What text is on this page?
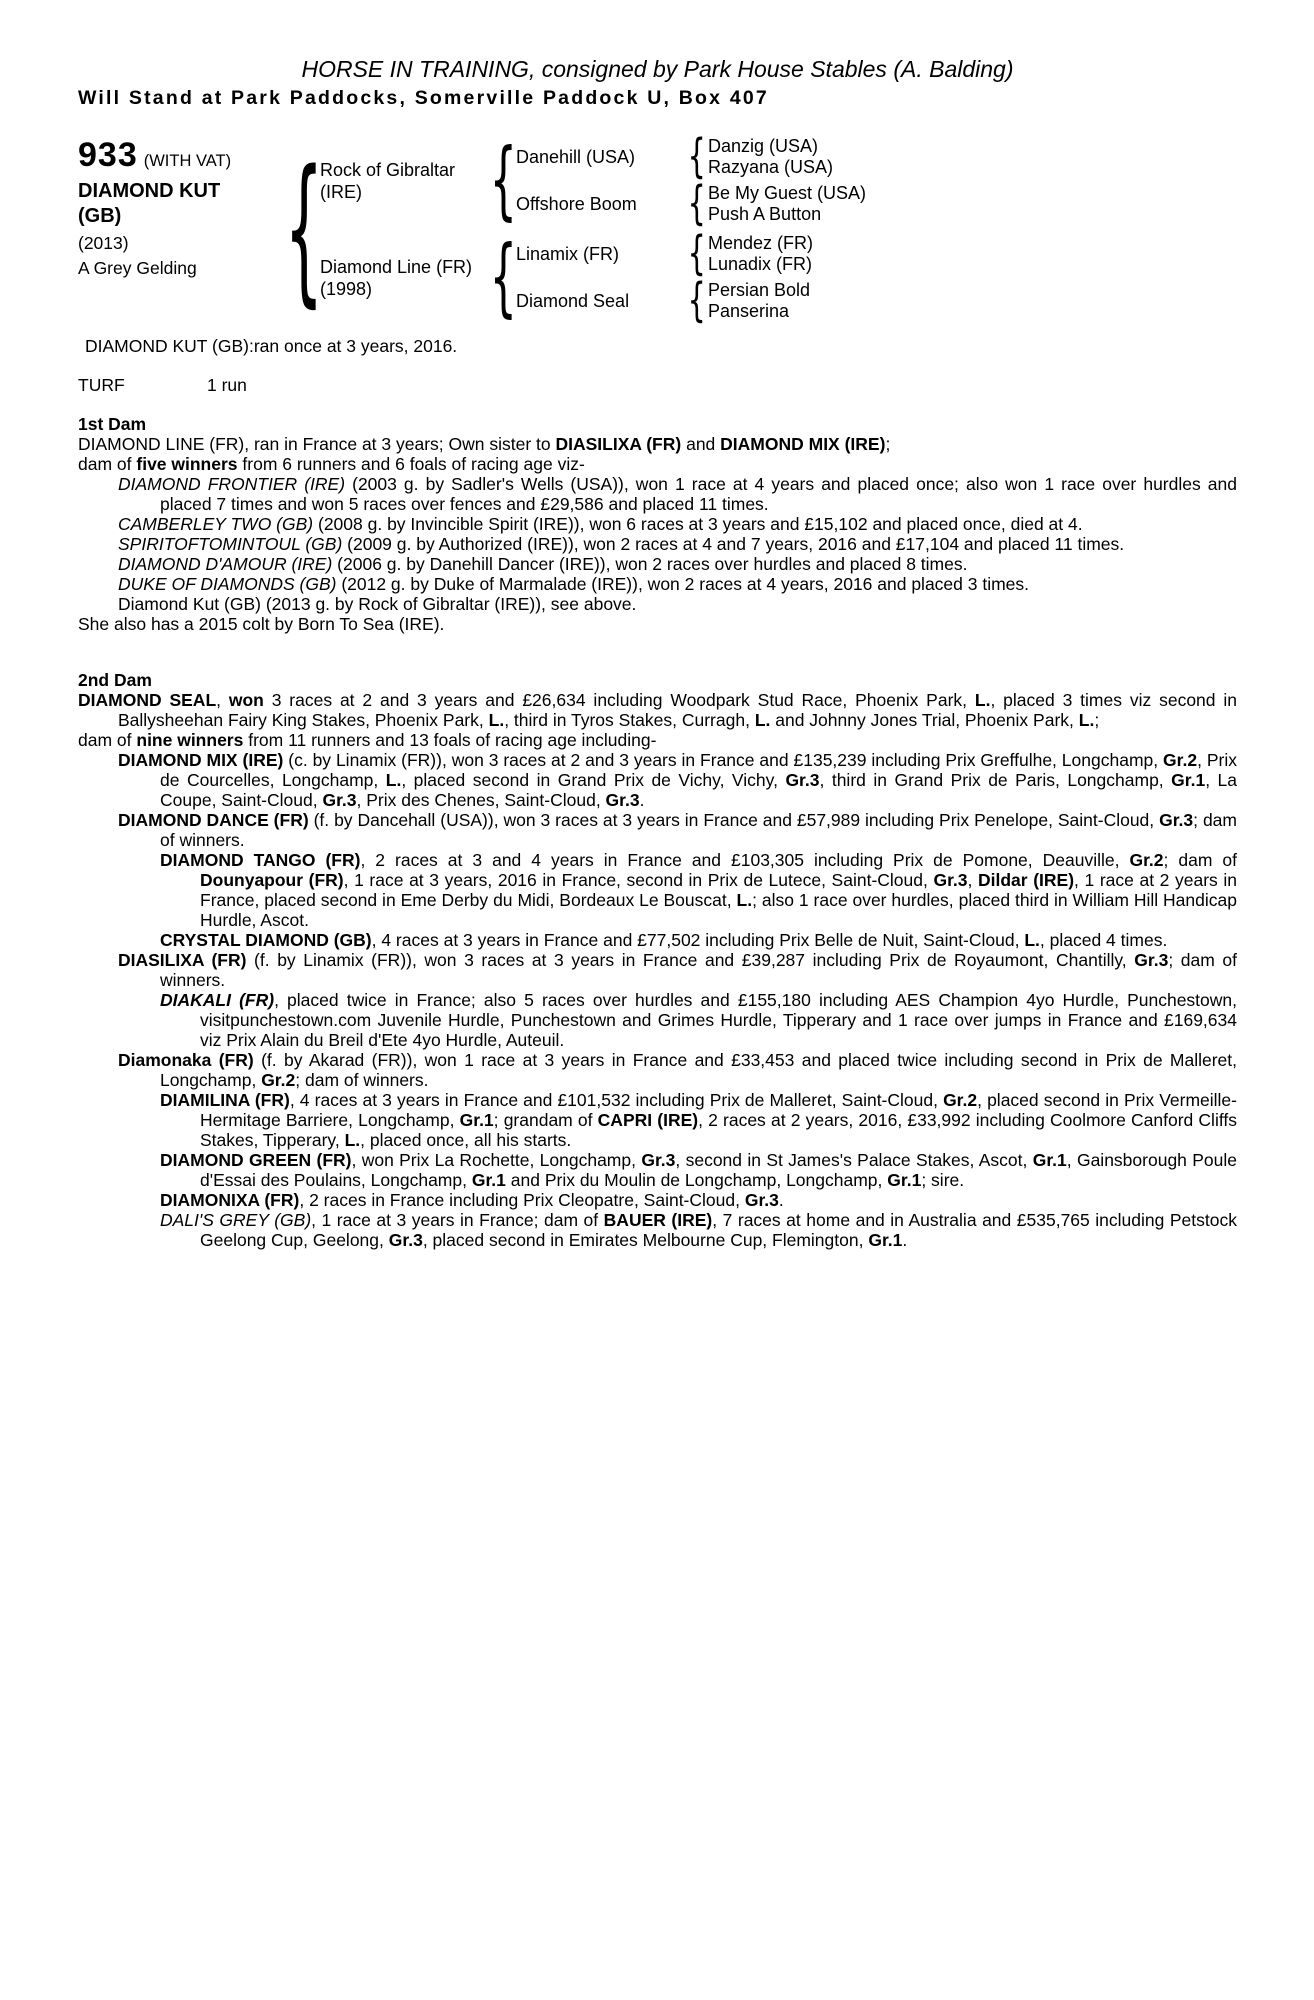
HORSE IN TRAINING, consigned by Park House Stables (A. Balding)
Will Stand at Park Paddocks, Somerville Paddock U, Box 407
933 (WITH VAT)
DIAMOND KUT
(GB)
(2013)
A Grey Gelding {
Rock of Gibraltar
(IRE)	{ Danehill (USA)	{ Danzig (USA)
Razyana (USA)
Offshore Boom	{ Be My Guest (USA)
Push A Button
Diamond Line (FR)
(1998)	{ Linamix (FR)	{ Mendez (FR)
Lunadix (FR)
Diamond Seal	{ Persian Bold
Panserina
DIAMOND KUT (GB):ran once at 3 years, 2016.
TURF	1 run
1st Dam

DIAMOND LINE (FR), ran in France at 3 years; Own sister to DIASILIXA (FR) and DIAMOND MIX (IRE);

dam of five winners from 6 runners and 6 foals of racing age viz-

DIAMOND FRONTIER (IRE) (2003 g. by Sadler's Wells (USA)), won 1 race at 4 years and placed once; also won 1 race over hurdles and placed 7 times and won 5 races over fences and £29,586 and placed 11 times.

CAMBERLEY TWO (GB) (2008 g. by Invincible Spirit (IRE)), won 6 races at 3 years and £15,102 and placed once, died at 4.

SPIRITOFTOMINTOUL (GB) (2009 g. by Authorized (IRE)), won 2 races at 4 and 7 years, 2016 and £17,104 and placed 11 times.

DIAMOND D'AMOUR (IRE) (2006 g. by Danehill Dancer (IRE)), won 2 races over hurdles and placed 8 times.

DUKE OF DIAMONDS (GB) (2012 g. by Duke of Marmalade (IRE)), won 2 races at 4 years, 2016 and placed 3 times.

Diamond Kut (GB) (2013 g. by Rock of Gibraltar (IRE)), see above.

She also has a 2015 colt by Born To Sea (IRE).

2nd Dam

DIAMOND SEAL, won 3 races at 2 and 3 years and £26,634 including Woodpark Stud Race, Phoenix Park, L., placed 3 times viz second in Ballysheehan Fairy King Stakes, Phoenix Park, L., third in Tyros Stakes, Curragh, L. and Johnny Jones Trial, Phoenix Park, L.;

dam of nine winners from 11 runners and 13 foals of racing age including-

DIAMOND MIX (IRE) (c. by Linamix (FR)), won 3 races at 2 and 3 years in France and £135,239 including Prix Greffulhe, Longchamp, Gr.2, Prix de Courcelles, Longchamp, L., placed second in Grand Prix de Vichy, Vichy, Gr.3, third in Grand Prix de Paris, Longchamp, Gr.1, La Coupe, Saint-Cloud, Gr.3, Prix des Chenes, Saint-Cloud, Gr.3.

DIAMOND DANCE (FR) (f. by Dancehall (USA)), won 3 races at 3 years in France and £57,989 including Prix Penelope, Saint-Cloud, Gr.3; dam of winners.

DIAMOND TANGO (FR), 2 races at 3 and 4 years in France and £103,305 including Prix de Pomone, Deauville, Gr.2; dam of Dounyapour (FR), 1 race at 3 years, 2016 in France, second in Prix de Lutece, Saint-Cloud, Gr.3, Dildar (IRE), 1 race at 2 years in France, placed second in Eme Derby du Midi, Bordeaux Le Bouscat, L.; also 1 race over hurdles, placed third in William Hill Handicap Hurdle, Ascot.

CRYSTAL DIAMOND (GB), 4 races at 3 years in France and £77,502 including Prix Belle de Nuit, Saint-Cloud, L., placed 4 times.

DIASILIXA (FR) (f. by Linamix (FR)), won 3 races at 3 years in France and £39,287 including Prix de Royaumont, Chantilly, Gr.3; dam of winners.

DIAKALI (FR), placed twice in France; also 5 races over hurdles and £155,180 including AES Champion 4yo Hurdle, Punchestown, visitpunchestown.com Juvenile Hurdle, Punchestown and Grimes Hurdle, Tipperary and 1 race over jumps in France and £169,634 viz Prix Alain du Breil d'Ete 4yo Hurdle, Auteuil.

Diamonaka (FR) (f. by Akarad (FR)), won 1 race at 3 years in France and £33,453 and placed twice including second in Prix de Malleret, Longchamp, Gr.2; dam of winners.

DIAMILINA (FR), 4 races at 3 years in France and £101,532 including Prix de Malleret, Saint-Cloud, Gr.2, placed second in Prix Vermeille-Hermitage Barriere, Longchamp, Gr.1; grandam of CAPRI (IRE), 2 races at 2 years, 2016, £33,992 including Coolmore Canford Cliffs Stakes, Tipperary, L., placed once, all his starts.

DIAMOND GREEN (FR), won Prix La Rochette, Longchamp, Gr.3, second in St James's Palace Stakes, Ascot, Gr.1, Gainsborough Poule d'Essai des Poulains, Longchamp, Gr.1 and Prix du Moulin de Longchamp, Longchamp, Gr.1; sire.

DIAMONIXA (FR), 2 races in France including Prix Cleopatre, Saint-Cloud, Gr.3.

DALI'S GREY (GB), 1 race at 3 years in France; dam of BAUER (IRE), 7 races at home and in Australia and £535,765 including Petstock Geelong Cup, Geelong, Gr.3, placed second in Emirates Melbourne Cup, Flemington, Gr.1.
